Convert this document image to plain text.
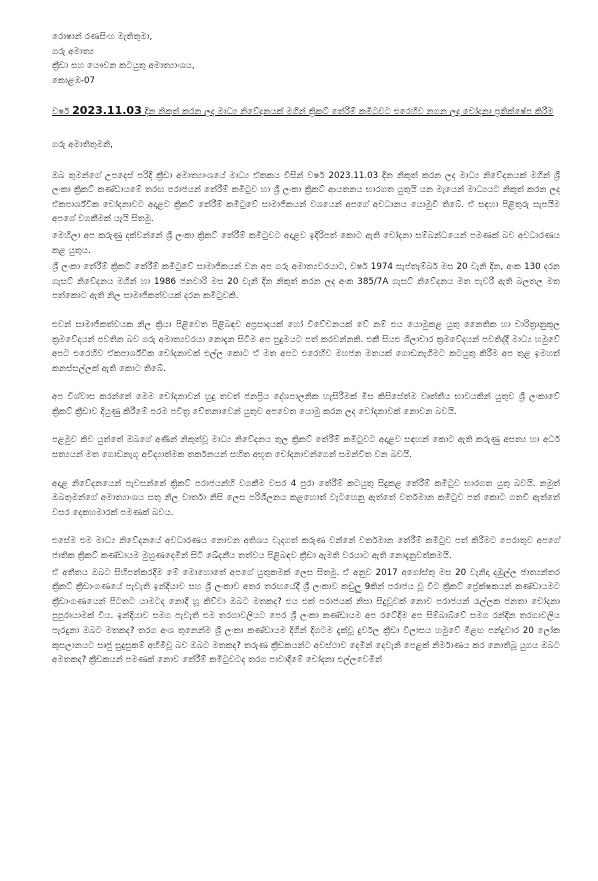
රොෂාන් රණසිංහ මැතිතුමා,
ගරු අමාත්‍ය
ක්‍රීඩා සහ යෞවන කටයුතු අමාත්‍යාංශය,
කොළඹ-07
වර්ෂ 2023.11.03 දින නිකුත් කරන ලද මාධ්‍ය නිවේදනයක් මගින් ක්‍රිකට් තේරීම් කමිටුවට එරෙහිව නගන ලද චෝදනා ප්‍රතික්ෂේප කිරීම
ගරු අමාතිතුමනි,

ඔබ තුමන්ගේ උපදෙස් පරිදි ක්‍රීඩා අමාත්‍යාංශයේ මාධ්‍ය ඒකකය විසින් වර්ෂ 2023.11.03 දින නිකුත් කරන ලද මාධ්‍ය නිවේදනයක් මගින් ශ්‍රී ලංකා ක්‍රිකට් කණ්ඩායමේ තරඟ පරාජයන් තේරීම් කමිටුව හා ශ්‍රී ලංකා ක්‍රිකට් ආයතනය භාරගත යුතුයි යන මැයෙන් මාධ්‍යයට නිකුත් කරන ලද ඒකපාර්ශ්වික චෝදනාවට අදාළව ක්‍රිකට් තේරීම් කමිටුවේ සාමාජිකයන් වශයෙන් අපගේ අවධානය යොමුවී තිබේ. ඒ සඳහා පිළිතුරු සැපයීම අපගේ වගකීමක් යැයි සිතමු.

මෙහිලා අප කරුණු දක්වන්නේ ශ්‍රී ලංකා ක්‍රිකට් තේරීම් කමිටුවට අදාළව ඉදිරිපත් කොට ඇති චෝදනා සම්බන්ධයෙන් පමණක් බව අවධාරණය කළ යුතුය.

ශ්‍රී ලංකා තේරීම් ක්‍රිකට් තේරීම් කමිටුවේ සාමාජිකයන් වන අප ගරු අමාත්‍යවරයාට, වර්ෂ 1974 සැප්තැම්බර් මස 20 වැනි දින, අංක 130 දරන ගැසට් නිවේදනය මගින් හා 1986 ජනවාරි මස 20 වැනි දින නිකුත් කරන ලද අංක 385/7A ගැසට් නිවේදනය මත පැවරී ඇති බලතල මත පත්කොට ඇති නිල සාමාජිකත්වයක් දරන කමිටුවකි.

එවන් සාමාජිකත්වයක නිල ක්‍රියා පිළිවෙත පිළිබඳව අප්‍රසාදයක් හෝ විවේචනයක් වේ නම් එය යොමුකළ යුතු නෛතික හා චාරිත්‍රානුකූල ක්‍රමවේදයන් පවතින බව ගරු අමාත්‍යවරයා නොදැන සිටීම අප පුදුමයට පත් කරවන්නකි. එකී සියළු ශිලාචාර ක්‍රමවේදයන් පවතිද්දී මාධ්‍ය හමුවේ අපට එරෙහිව ඒකපාර්ශ්වික චෝදනාවක් එල්ල කොට ඒ මත අපට එරෙහිව මහජන මතයක් ගොඩනැගීමට කටයුතු කිරීම අප තුළ ඉමහත් කනස්සල්ලක් ඇති කොට තිබේ.

අප විශ්වාස කරන්නේ මෙම චෝදනාවන් හුදු තවත් ජනප්‍රිය දේශපාලනික හැසිරීමක් මිස කිසිසේත්ම වෘත්තීය භාවයකින් යුතුව ශ්‍රී ලංකාවේ ක්‍රිකට් ක්‍රීඩාව දියුණු කිරීමේ පරම පවිත්‍ර චේතනාවෙන් යුතුව අපවෙත යොමු කරන ලද චෝදනාවක් නොවන බවයි.

පළමුව කිව යුත්තේ ඔබගේ අණින් නිකුත්වූ මාධ්‍ය නිවේදනය තුල ක්‍රිකට් තේරීම් කමිටුවට අදාළව සඳහන් කොට ඇති කරුණු අසත්‍ය හා අර්ධ සත්‍යයන් මත ගොඩනැගූ අවිද්‍යාත්මක තර්කනයන් සහිත අභූත චෝදනාවන්ගෙන් සමන්විත වන බවයි.

අදාළ නිවේදනයෙන් පැවසන්නේ ක්‍රිකට් පරාජයන්හි වගකීම වසර 4 පුරා තේරීම් කටයුතු සිදුකළ තේරීම් කමිටුව භාරගත යුතු බවයි. නමුත් ඔබතුමන්ගේ අමාත්‍යාංශය සතු නිල වාර්තා නිසි ලෙස පරිශීලනය කළහොත් වැටහෙනු ඇත්තේ වර්තමාන කමිටුව පත් කොට ගතවී ඇත්තේ වසර දෙකහමාරක් පමණක් බවය.

එසේම එම මාධ්‍ය නිවේදනයේ අවධාරණය නොවන අතිශය වැදගත් කරුණ වන්නේ වර්තමාන තේරීම් කමිටුව පත් කිරීමට පෙරාතුව අපගේ ජාතික ක්‍රිකට් කණ්ඩායම මුහුණදෙමින් සිටි ඛේදනීය තත්වය පිළිබඳව ක්‍රීඩා ඇමති වරයාට ඇති නොදැනුවත්කමයි.

ඒ අතීතය ඔබට සිහිපත්කරදීම මේ මොහොතේ අපගේ යුතුකමක් ලෙස සිතමු. ඒ අනුව 2017 අගෝස්තු මස 20 වැනිදා දඹුල්ල ජාත්‍යන්තර ක්‍රිකට් ක්‍රීඩාංගණයේ පැවැති ඉන්දියාව සහ ශ්‍රී ලංකාව අතර තරඟයේදී ශ්‍රී ලංකාව කඩුලු 9කින් පරාජය වූ විට ක්‍රිකට් ප්‍රේක්ෂකයන් කණ්ඩායමට ක්‍රීඩාංගණයෙන් පිටතට යාමටද නොදී හූ කිව්වා ඔබට මතකද? එය එක් පරාජයක් නිසා සිදුවූවක් නොව පරාජයන් රැල්ලක ජනතා චෝදනා පුපුරායාමක් විය. ඉන්දියාව සමග පැවැති එම තරගාවලියට පෙර ශ්‍රී ලංකා කණ්ඩායම අප රටේදීම අප සිම්බාබ්වේ සමග රන්දින තරගාවලිය පැරදුනා ඔබට මතකද? තරග අංශ තුනෙන්ම ශ්‍රී ලංකා කණ්ඩායම දිගින් දිගටම දැක්වූ දුර්වල ක්‍රීඩා විලාසය හමුවේ මිළඟ පන්දුවාර 20 ලෝක කුසලානයට සෘජු සුදුසුකම් අහිමිවූ බව ඔබට මතකද? තරුණ ක්‍රීඩකයන්ට අවස්ථාව දෙමින් දෙවැනි පෙළක් නිර්මාණය කර නොතිබූ යුගය ඔබට අමතකද? ක්‍රීඩකයන් පමණක් නොව තේරීම් කමිටුවටද තරග පාවාදීමේ චෝදනා එල්ලවෙමින්
